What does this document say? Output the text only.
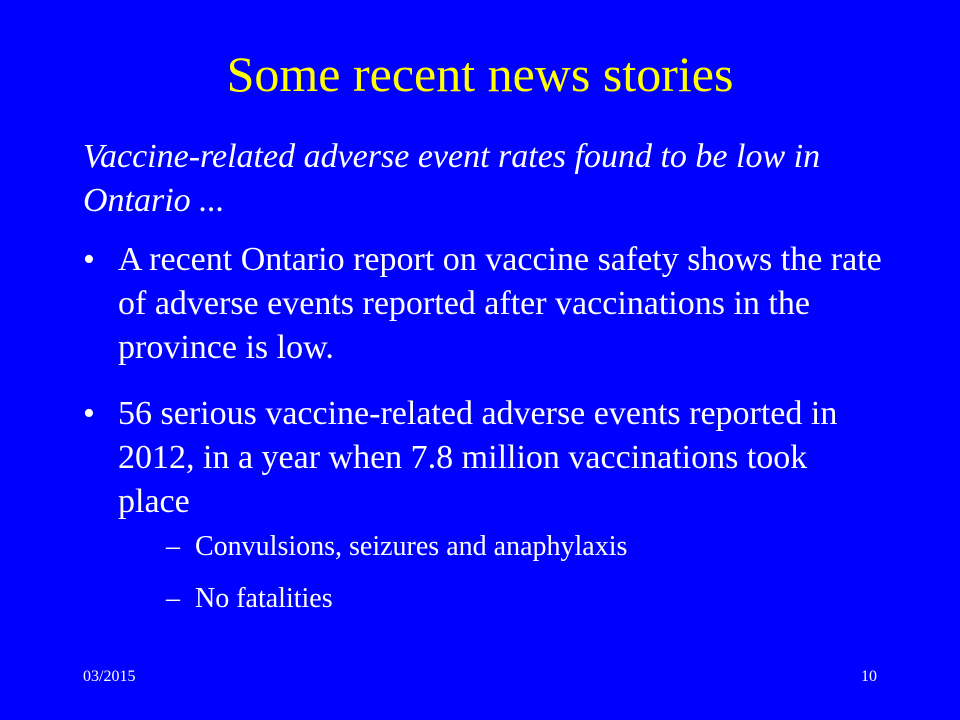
Some recent news stories
Vaccine-related adverse event rates found to be low in Ontario ...
• A recent Ontario report on vaccine safety shows the rate of adverse events reported after vaccinations in the province is low.
• 56 serious vaccine-related adverse events reported in 2012, in a year when 7.8 million vaccinations took place
– Convulsions, seizures and anaphylaxis
– No fatalities
03/2015	10
